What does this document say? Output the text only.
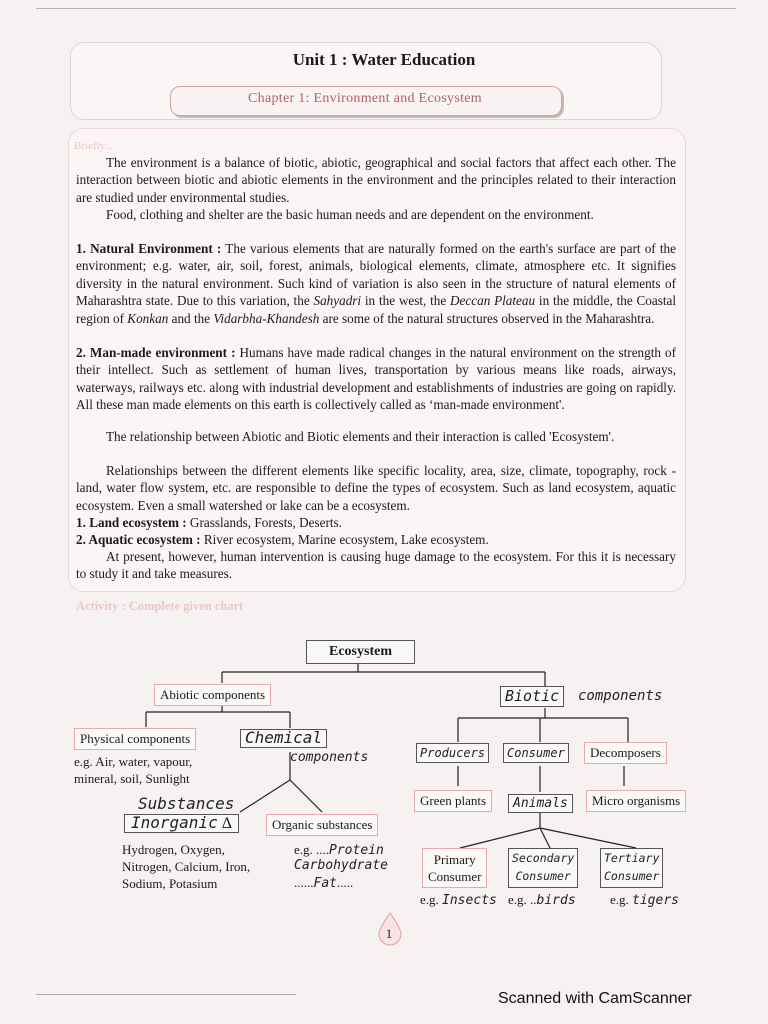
Unit 1 : Water Education
Chapter 1: Environment and Ecosystem
Briefly...

The environment is a balance of biotic, abiotic, geographical and social factors that affect each other. The interaction between biotic and abiotic elements in the environment and the principles related to their interaction are studied under environmental studies.

Food, clothing and shelter are the basic human needs and are dependent on the environment.

1. Natural Environment : The various elements that are naturally formed on the earth's surface are part of the environment; e.g. water, air, soil, forest, animals, biological elements, climate, atmosphere etc. It signifies diversity in the natural environment. Such kind of variation is also seen in the structure of natural elements of Maharashtra state. Due to this variation, the Sahyadri in the west, the Deccan Plateau in the middle, the Coastal region of Konkan and the Vidarbha-Khandesh are some of the natural structures observed in the Maharashtra.

2. Man-made environment : Humans have made radical changes in the natural environment on the strength of their intellect. Such as settlement of human lives, transportation by various means like roads, airways, waterways, railways etc. along with industrial development and establishments of industries are going on rapidly. All these man made elements on this earth is collectively called as ‘man-made environment'.

The relationship between Abiotic and Biotic elements and their interaction is called 'Ecosystem'.

Relationships between the different elements like specific locality, area, size, climate, topography, rock - land, water flow system, etc. are responsible to define the types of ecosystem. Such as land ecosystem, aquatic ecosystem. Even a small watershed or lake can be a ecosystem.

1. Land ecosystem : Grasslands, Forests, Deserts.

2. Aquatic ecosystem : River ecosystem, Marine ecosystem, Lake ecosystem.

At present, however, human intervention is causing huge damage to the ecosystem. For this it is necessary to study it and take measures.

Activity : Complete given chart
Ecosystem
Abiotic components	Biotic	components
Physical components
e.g. Air, water, vapour,
mineral, soil, Sunlight
Chemical
components
Substances
Inorganic Δ	Organic substances
Hydrogen, Oxygen,
Nitrogen, Calcium, Iron,
Sodium, Potasium
e.g. ....Protein
Carbohydrate
......Fat.....
Producers	Consumer	Decomposers
Green plants	Animals	Micro organisms
Primary
Consumer
Secondary
Consumer
Tertiary
Consumer
e.g. Insects e.g. ..birds	e.g. tigers
1
Scanned with CamScanner
